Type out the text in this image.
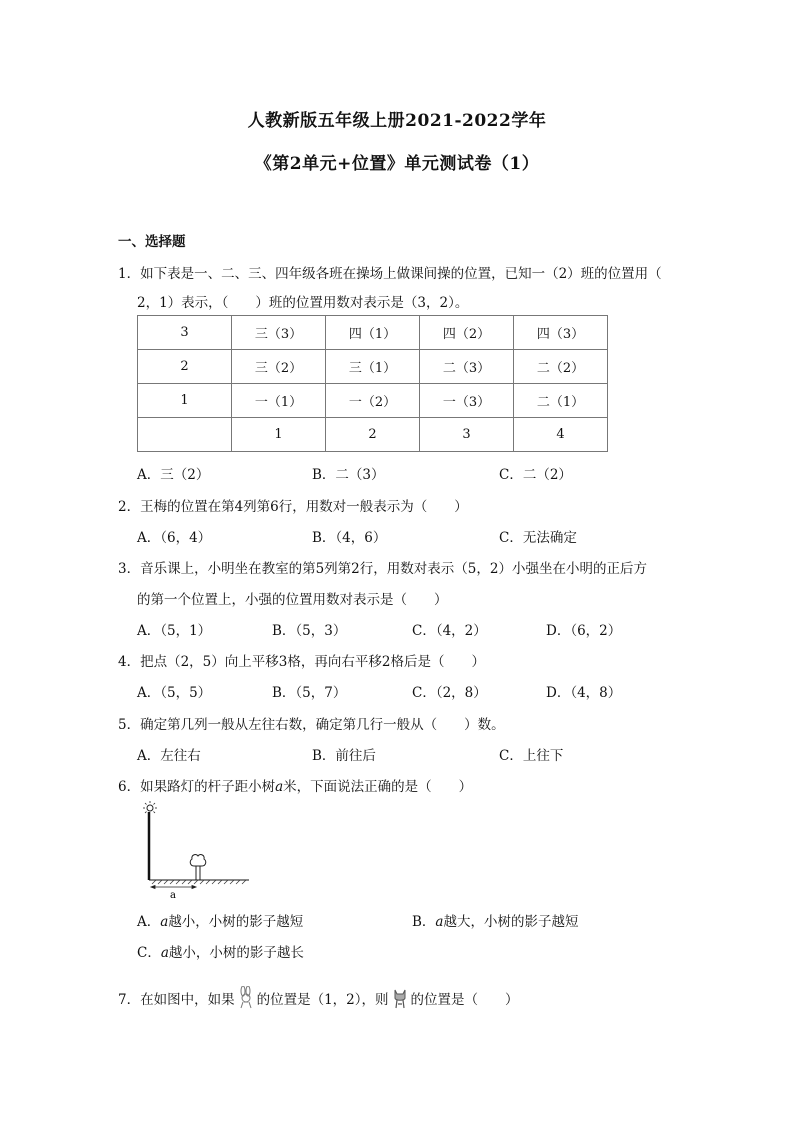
人教新版五年级上册2021-2022学年
《第2单元+位置》单元测试卷（1）
一、选择题
1．如下表是一、二、三、四年级各班在操场上做课间操的位置，已知一（2）班的位置用（
2，1）表示，（　　）班的位置用数对表示是（3，2）。
3	三（3）	四（1）	四（2）	四（3）
2	三（2）	三（1）	二（3）	二（2）
1	一（1）	一（2）	一（3）	二（1）
	1	2	3	4
A．三（2）	B．二（3）	C．二（2）
2．王梅的位置在第4列第6行，用数对一般表示为（　　）
A．（6，4）	B．（4，6）	C．无法确定
3．音乐课上，小明坐在教室的第5列第2行，用数对表示（5，2）小强坐在小明的正后方
的第一个位置上，小强的位置用数对表示是（　　）
A．（5，1）	B．（5，3）	C．（4，2）	D．（6，2）
4．把点（2，5）向上平移3格，再向右平移2格后是（　　）
A．（5，5）	B．（5，7）	C．（2，8）	D．（4，8）
5．确定第几列一般从左往右数，确定第几行一般从（　　）数。
A．左往右	B．前往后	C．上往下
6．如果路灯的杆子距小树a米，下面说法正确的是（　　）
a
A．a越小，小树的影子越短	B．a越大，小树的影子越短
C．a越小，小树的影子越长
7．在如图中，如果 的位置是（1，2），则 的位置是（　　）
